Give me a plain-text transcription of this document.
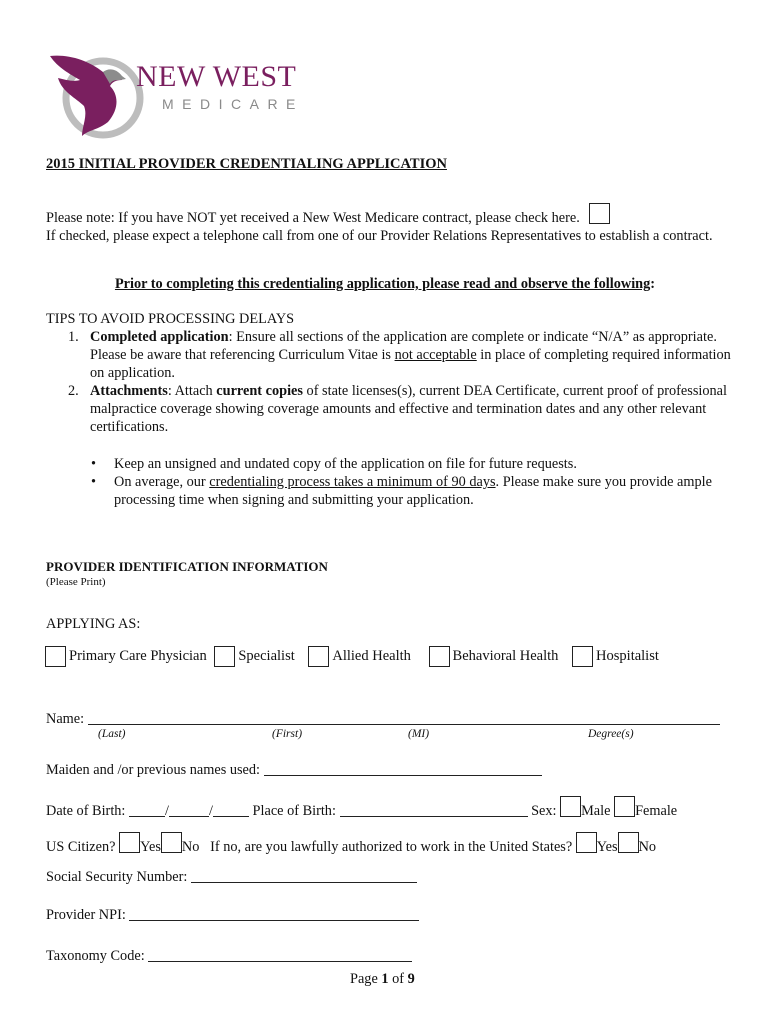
NEW WEST
MEDICARE
2015 INITIAL PROVIDER CREDENTIALING APPLICATION
Please note: If you have NOT yet received a New West Medicare contract, please check here.
If checked, please expect a telephone call from one of our Provider Relations Representatives to establish a contract.
Prior to completing this credentialing application, please read and observe the following:
TIPS TO AVOID PROCESSING DELAYS
1. Completed application: Ensure all sections of the application are complete or indicate “N/A” as appropriate. Please be aware that referencing Curriculum Vitae is not acceptable in place of completing required information on application.
2. Attachments: Attach current copies of state licenses(s), current DEA Certificate, current proof of professional malpractice coverage showing coverage amounts and effective and termination dates and any other relevant certifications.
• Keep an unsigned and undated copy of the application on file for future requests.
• On average, our credentialing process takes a minimum of 90 days. Please make sure you provide ample processing time when signing and submitting your application.
PROVIDER IDENTIFICATION INFORMATION
(Please Print)
APPLYING AS:
Primary Care Physician
Specialist
	Allied Health
	Behavioral Health
	Hospitalist
Name:
(Last)	(First)	(MI)	Degree(s)
Maiden and /or previous names used:
Date of Birth:	/	/	Place of Birth:	Sex: Male Female
US Citizen? Yes No If no, are you lawfully authorized to work in the United States? Yes No
Social Security Number:
Provider NPI:
Taxonomy Code:
Page 1 of 9
